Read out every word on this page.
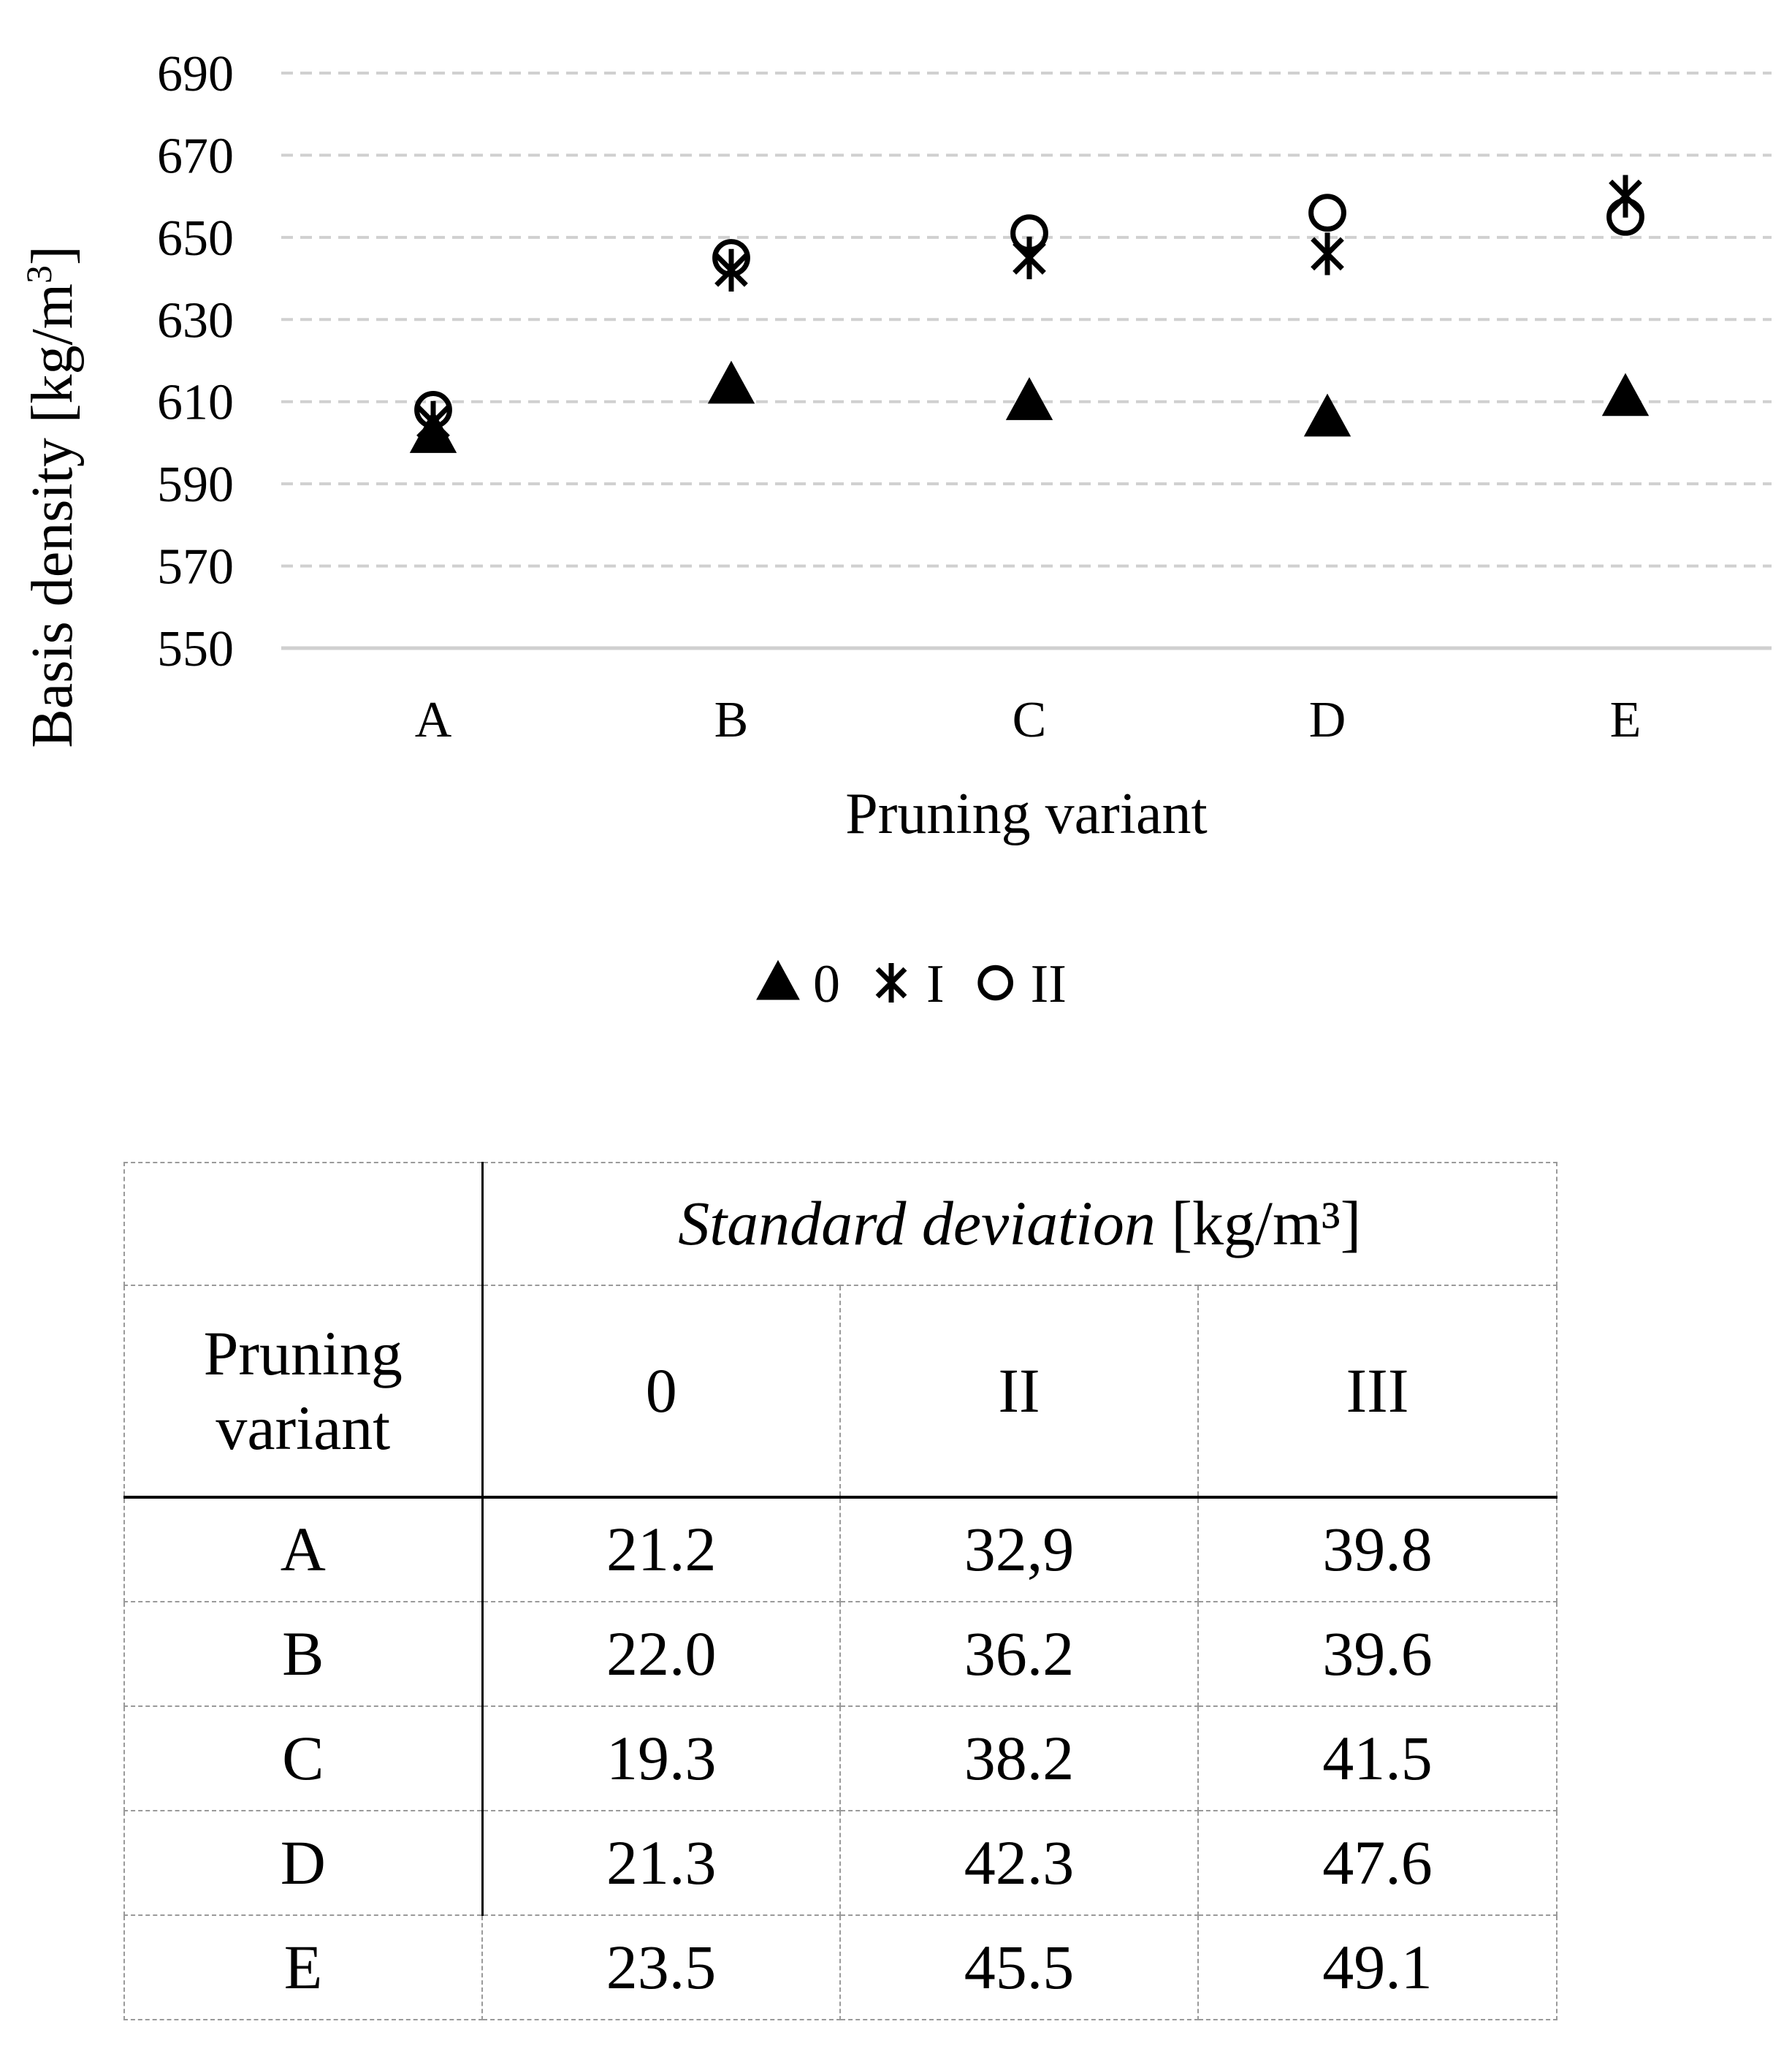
550
570
590
610
630
650
670
690
A	B	C	D	E
Pruning variant
Basis density $[kg/m^3]$
0 I II
	Standard deviation [kg/m³]		

Pruning
variant	0	II	III
A	21.2	32,9	39.8
B	22.0	36.2	39.6
C	19.3	38.2	41.5
D	21.3	42.3	47.6
E	23.5	45.5	49.1
